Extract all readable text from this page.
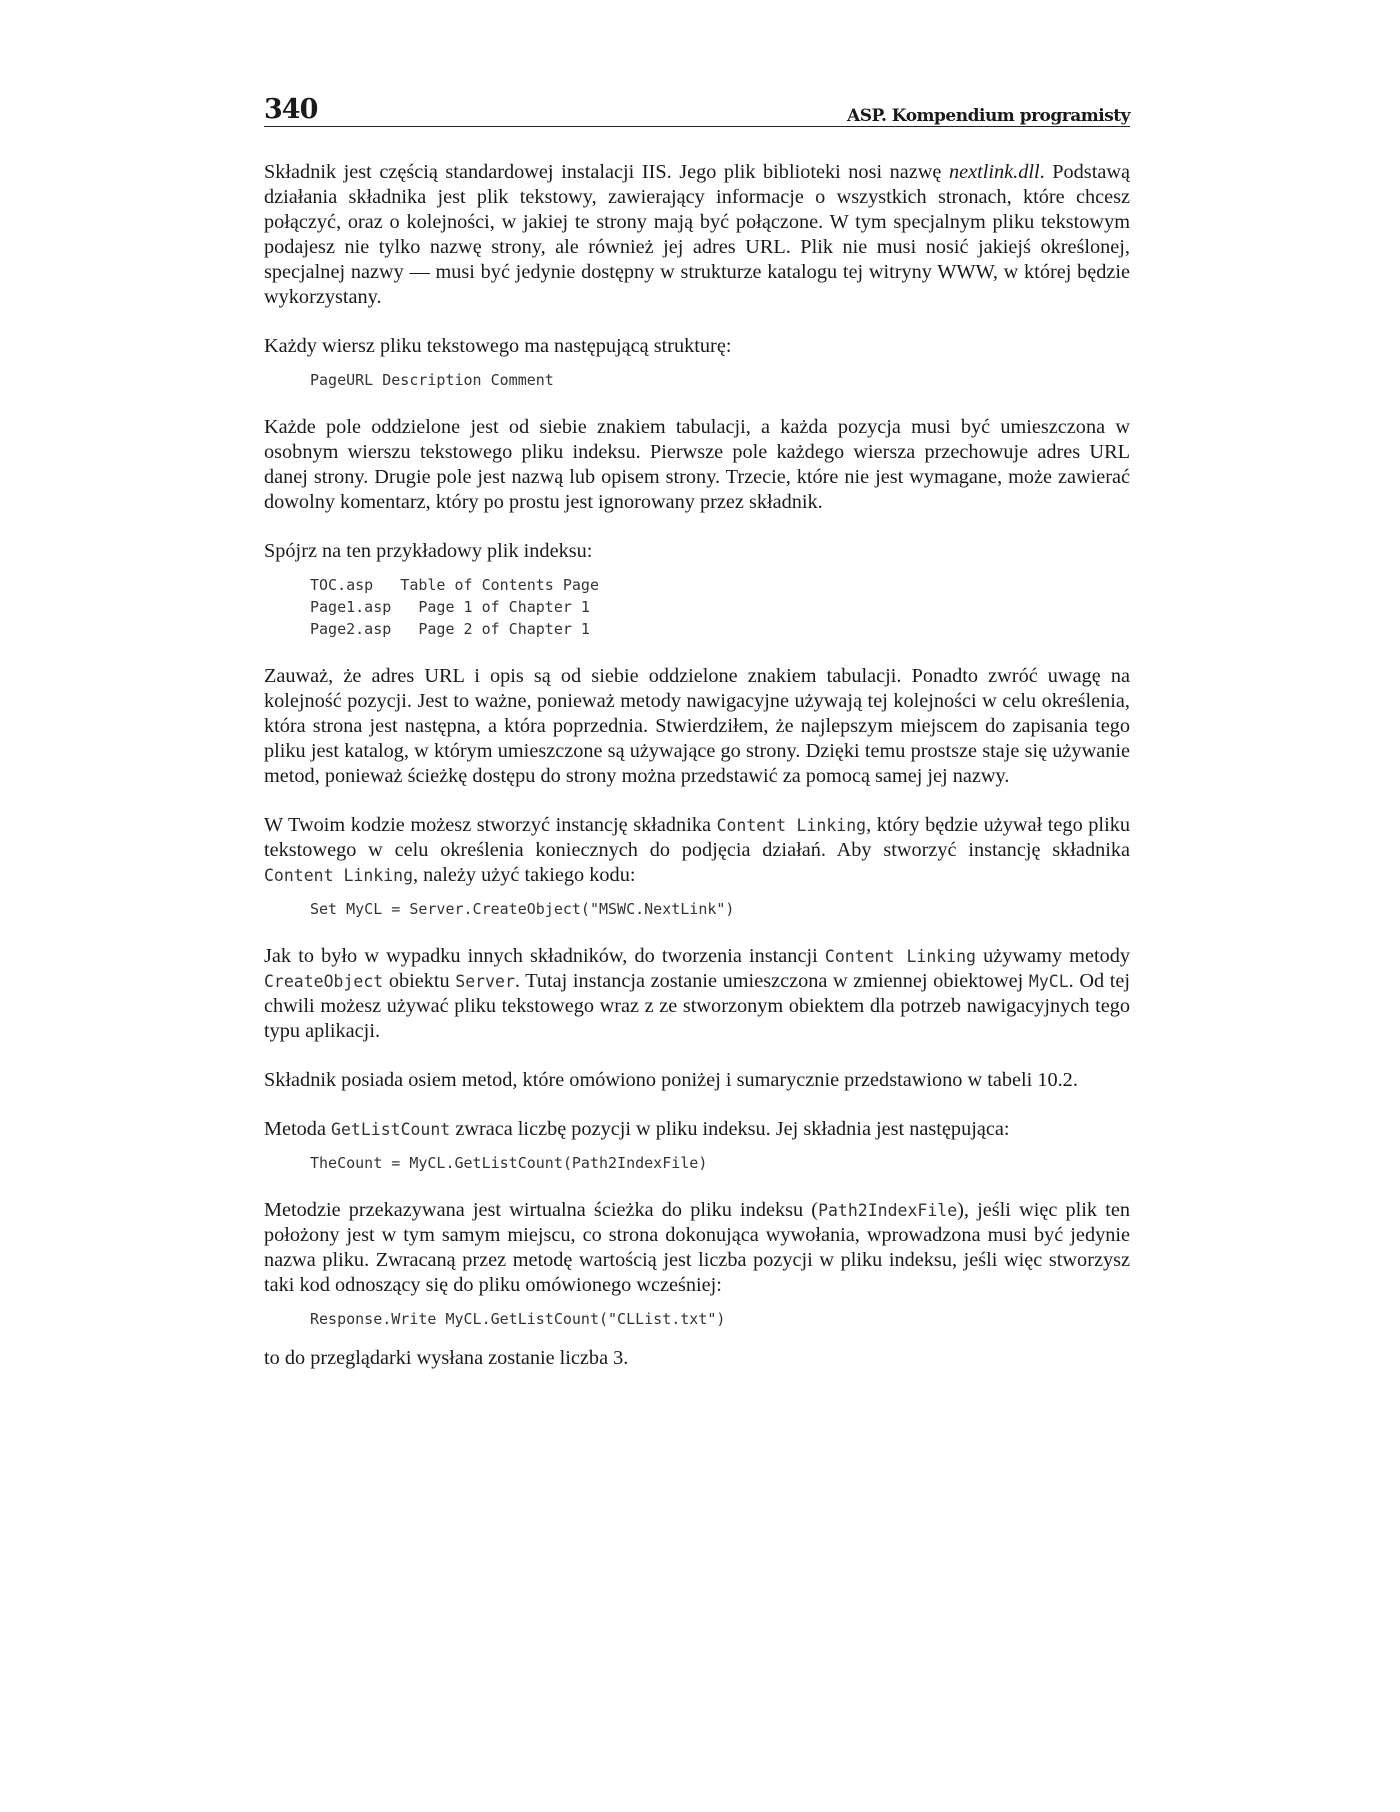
340	ASP. Kompendium programisty

Składnik jest częścią standardowej instalacji IIS. Jego plik biblioteki nosi nazwę nextlink.dll. Podstawą działania składnika jest plik tekstowy, zawierający informacje o wszystkich stronach, które chcesz połączyć, oraz o kolejności, w jakiej te strony mają być połączone. W tym specjalnym pliku tekstowym podajesz nie tylko nazwę strony, ale również jej adres URL. Plik nie musi nosić jakiejś określonej, specjalnej nazwy — musi być jedynie dostępny w strukturze katalogu tej witryny WWW, w której będzie wykorzystany.

Każdy wiersz pliku tekstowego ma następującą strukturę:

PageURL Description Comment

Każde pole oddzielone jest od siebie znakiem tabulacji, a każda pozycja musi być umieszczona w osobnym wierszu tekstowego pliku indeksu. Pierwsze pole każdego wiersza przechowuje adres URL danej strony. Drugie pole jest nazwą lub opisem strony. Trzecie, które nie jest wymagane, może zawierać dowolny komentarz, który po prostu jest ignorowany przez składnik.

Spójrz na ten przykładowy plik indeksu:

TOC.asp   Table of Contents Page
Page1.asp   Page 1 of Chapter 1
Page2.asp   Page 2 of Chapter 1

Zauważ, że adres URL i opis są od siebie oddzielone znakiem tabulacji. Ponadto zwróć uwagę na kolejność pozycji. Jest to ważne, ponieważ metody nawigacyjne używają tej kolejności w celu określenia, która strona jest następna, a która poprzednia. Stwierdziłem, że najlepszym miejscem do zapisania tego pliku jest katalog, w którym umieszczone są używające go strony. Dzięki temu prostsze staje się używanie metod, ponieważ ścieżkę dostępu do strony można przedstawić za pomocą samej jej nazwy.

W Twoim kodzie możesz stworzyć instancję składnika Content Linking, który będzie używał tego pliku tekstowego w celu określenia koniecznych do podjęcia działań. Aby stworzyć instancję składnika Content Linking, należy użyć takiego kodu:

Set MyCL = Server.CreateObject("MSWC.NextLink")

Jak to było w wypadku innych składników, do tworzenia instancji Content Linking używamy metody CreateObject obiektu Server. Tutaj instancja zostanie umieszczona w zmiennej obiektowej MyCL. Od tej chwili możesz używać pliku tekstowego wraz z ze stworzonym obiektem dla potrzeb nawigacyjnych tego typu aplikacji.

Składnik posiada osiem metod, które omówiono poniżej i sumarycznie przedstawiono w tabeli 10.2.

Metoda GetListCount zwraca liczbę pozycji w pliku indeksu. Jej składnia jest następująca:

TheCount = MyCL.GetListCount(Path2IndexFile)

Metodzie przekazywana jest wirtualna ścieżka do pliku indeksu (Path2IndexFile), jeśli więc plik ten położony jest w tym samym miejscu, co strona dokonująca wywołania, wprowadzona musi być jedynie nazwa pliku. Zwracaną przez metodę wartością jest liczba pozycji w pliku indeksu, jeśli więc stworzysz taki kod odnoszący się do pliku omówionego wcześniej:

Response.Write MyCL.GetListCount("CLList.txt")

to do przeglądarki wysłana zostanie liczba 3.
